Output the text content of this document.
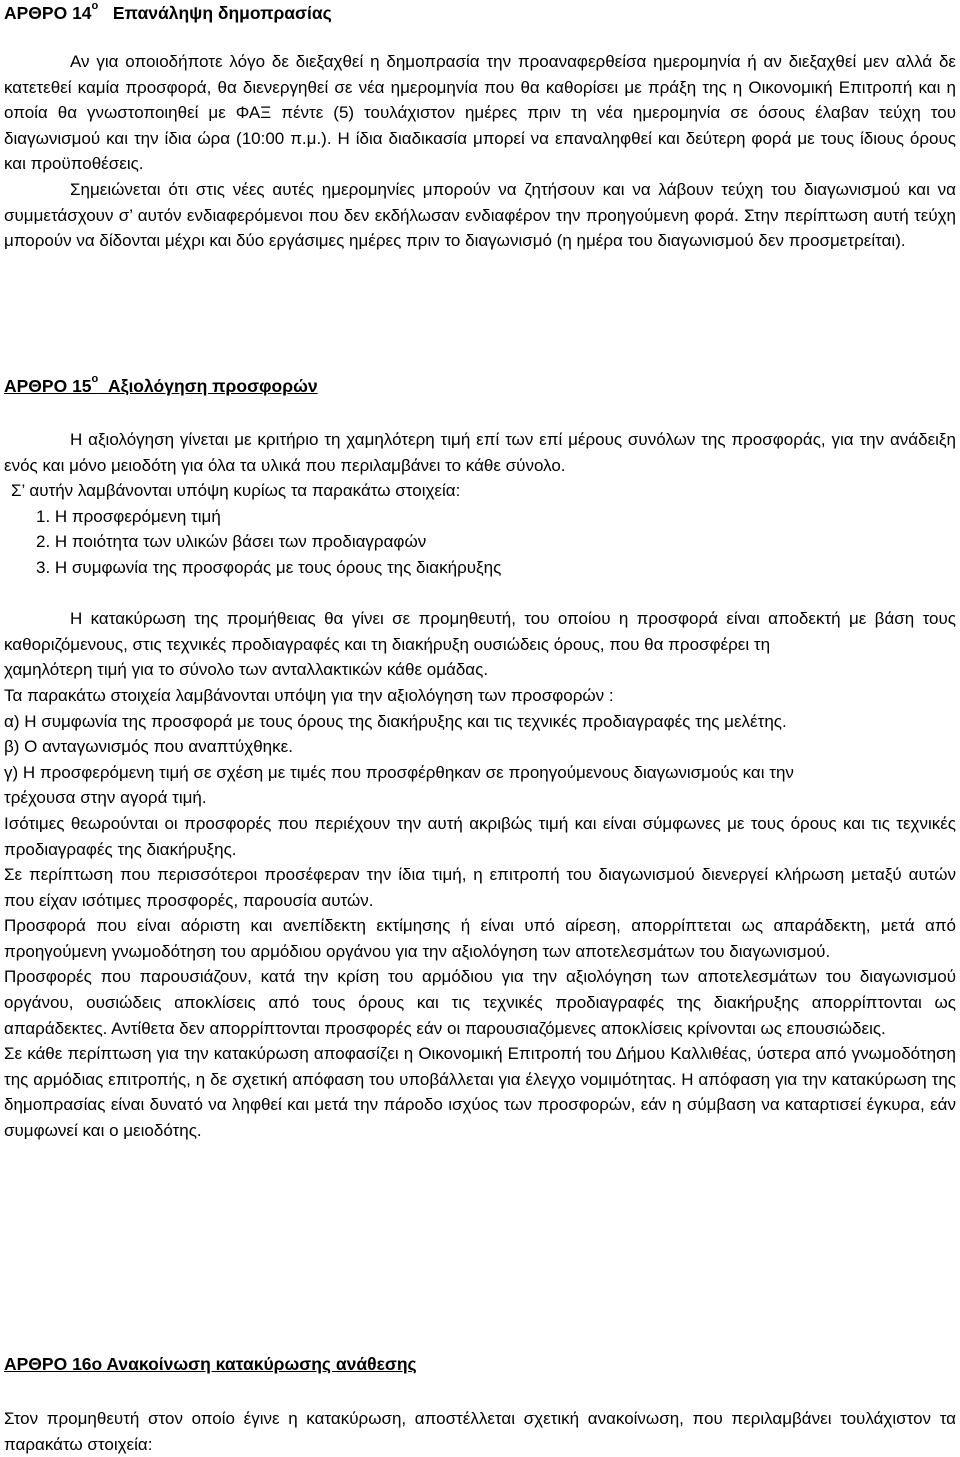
ΑΡΘΡΟ $14^o$ Επανάληψη δημοπρασίας

Αν για οποιοδήποτε λόγο δε διεξαχθεί η δημοπρασία την προαναφερθείσα ημερομηνία ή αν διεξαχθεί μεν αλλά δε κατετεθεί καμία προσφορά, θα διενεργηθεί σε νέα ημερομηνία που θα καθορίσει με πράξη της η Οικονομική Επιτροπή και η οποία θα γνωστοποιηθεί με ΦΑΞ πέντε (5) τουλάχιστον ημέρες πριν τη νέα ημερομηνία σε όσους έλαβαν τεύχη του διαγωνισμού και την ίδια ώρα (10:00 π.μ.). Η ίδια διαδικασία μπορεί να επαναληφθεί και δεύτερη φορά με τους ίδιους όρους και προϋποθέσεις.

Σημειώνεται ότι στις νέες αυτές ημερομηνίες μπορούν να ζητήσουν και να λάβουν τεύχη του διαγωνισμού και να συμμετάσχουν σ’ αυτόν ενδιαφερόμενοι που δεν εκδήλωσαν ενδιαφέρον την προηγούμενη φορά. Στην περίπτωση αυτή τεύχη μπορούν να δίδονται μέχρι και δύο εργάσιμες ημέρες πριν το διαγωνισμό (η ημέρα του διαγωνισμού δεν προσμετρείται).

ΑΡΘΡΟ $15^o$ Αξιολόγηση προσφορών

Η αξιολόγηση γίνεται με κριτήριο τη χαμηλότερη τιμή επί των επί μέρους συνόλων της προσφοράς, για την ανάδειξη ενός και μόνο μειοδότη για όλα τα υλικά που περιλαμβάνει το κάθε σύνολο.

Σ’ αυτήν λαμβάνονται υπόψη κυρίως τα παρακάτω στοιχεία:

1. Η προσφερόμενη τιμή
2. Η ποιότητα των υλικών βάσει των προδιαγραφών
3. Η συμφωνία της προσφοράς με τους όρους της διακήρυξης

Η κατακύρωση της προμήθειας θα γίνει σε προμηθευτή, του οποίου η προσφορά είναι αποδεκτή με βάση τους καθοριζόμενους, στις τεχνικές προδιαγραφές και τη διακήρυξη ουσιώδεις όρους, που θα προσφέρει τη

χαμηλότερη τιμή για το σύνολο των ανταλλακτικών κάθε ομάδας.

Τα παρακάτω στοιχεία λαμβάνονται υπόψη για την αξιολόγηση των προσφορών :

α) Η συμφωνία της προσφορά με τους όρους της διακήρυξης και τις τεχνικές προδιαγραφές της μελέτης.

β) Ο ανταγωνισμός που αναπτύχθηκε.

γ) Η προσφερόμενη τιμή σε σχέση με τιμές που προσφέρθηκαν σε προηγούμενους διαγωνισμούς και την

τρέχουσα στην αγορά τιμή.

Ισότιμες θεωρούνται οι προσφορές που περιέχουν την αυτή ακριβώς τιμή και είναι σύμφωνες με τους όρους και τις τεχνικές προδιαγραφές της διακήρυξης.

Σε περίπτωση που περισσότεροι προσέφεραν την ίδια τιμή, η επιτροπή του διαγωνισμού διενεργεί κλήρωση μεταξύ αυτών που είχαν ισότιμες προσφορές, παρουσία αυτών.

Προσφορά που είναι αόριστη και ανεπίδεκτη εκτίμησης ή είναι υπό αίρεση, απορρίπτεται ως απαράδεκτη, μετά από προηγούμενη γνωμοδότηση του αρμόδιου οργάνου για την αξιολόγηση των αποτελεσμάτων του διαγωνισμού.

Προσφορές που παρουσιάζουν, κατά την κρίση του αρμόδιου για την αξιολόγηση των αποτελεσμάτων του διαγωνισμού οργάνου, ουσιώδεις αποκλίσεις από τους όρους και τις τεχνικές προδιαγραφές της διακήρυξης απορρίπτονται ως απαράδεκτες. Αντίθετα δεν απορρίπτονται προσφορές εάν οι παρουσιαζόμενες αποκλίσεις κρίνονται ως επουσιώδεις.

Σε κάθε περίπτωση για την κατακύρωση αποφασίζει η Οικονομική Επιτροπή του Δήμου Καλλιθέας, ύστερα από γνωμοδότηση της αρμόδιας επιτροπής, η δε σχετική απόφαση του υποβάλλεται για έλεγχο νομιμότητας. Η απόφαση για την κατακύρωση της δημοπρασίας είναι δυνατό να ληφθεί και μετά την πάροδο ισχύος των προσφορών, εάν η σύμβαση να καταρτισεί έγκυρα, εάν συμφωνεί και ο μειοδότης.

ΑΡΘΡΟ 16ο Ανακοίνωση κατακύρωσης ανάθεσης

Στον προμηθευτή στον οποίο έγινε η κατακύρωση, αποστέλλεται σχετική ανακοίνωση, που περιλαμβάνει τουλάχιστον τα παρακάτω στοιχεία:
